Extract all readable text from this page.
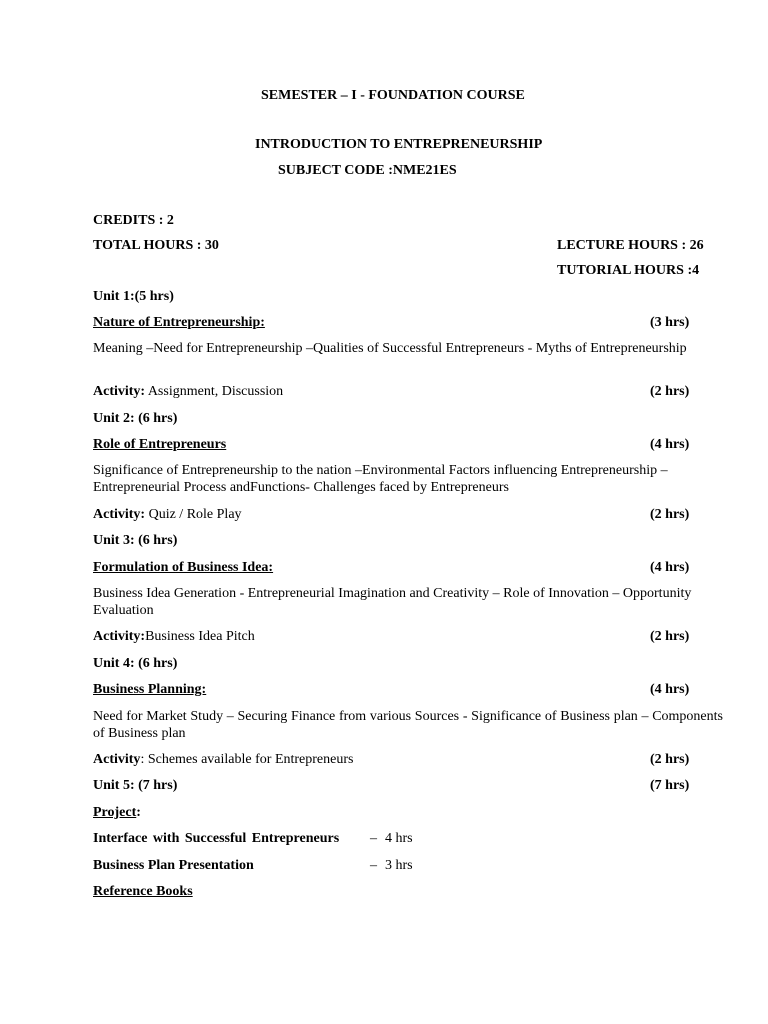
SEMESTER – I - FOUNDATION COURSE
INTRODUCTION TO ENTREPRENEURSHIP
SUBJECT CODE :NME21ES
CREDITS : 2
TOTAL HOURS : 30	LECTURE HOURS : 26
TUTORIAL HOURS :4
Unit 1:(5 hrs)
Nature of Entrepreneurship:	(3 hrs)
Meaning –Need for Entrepreneurship –Qualities of Successful Entrepreneurs - Myths of Entrepreneurship
Activity: Assignment, Discussion	(2 hrs)
Unit 2: (6 hrs)
Role of Entrepreneurs	(4 hrs)
Significance of Entrepreneurship to the nation –Environmental Factors influencing Entrepreneurship – Entrepreneurial Process andFunctions- Challenges faced by Entrepreneurs
Activity: Quiz / Role Play	(2 hrs)
Unit 3: (6 hrs)
Formulation of Business Idea:	(4 hrs)
Business Idea Generation - Entrepreneurial Imagination and Creativity – Role of Innovation – Opportunity Evaluation
Activity:Business Idea Pitch	(2 hrs)
Unit 4: (6 hrs)
Business Planning:	(4 hrs)
Need for Market Study – Securing Finance from various Sources - Significance of Business plan – Components of Business plan
Activity: Schemes available for Entrepreneurs	(2 hrs)
Unit 5: (7 hrs)	(7 hrs)
Project:
Interface with Successful Entrepreneurs – 4 hrs
Business Plan Presentation	– 3 hrs
Reference Books
